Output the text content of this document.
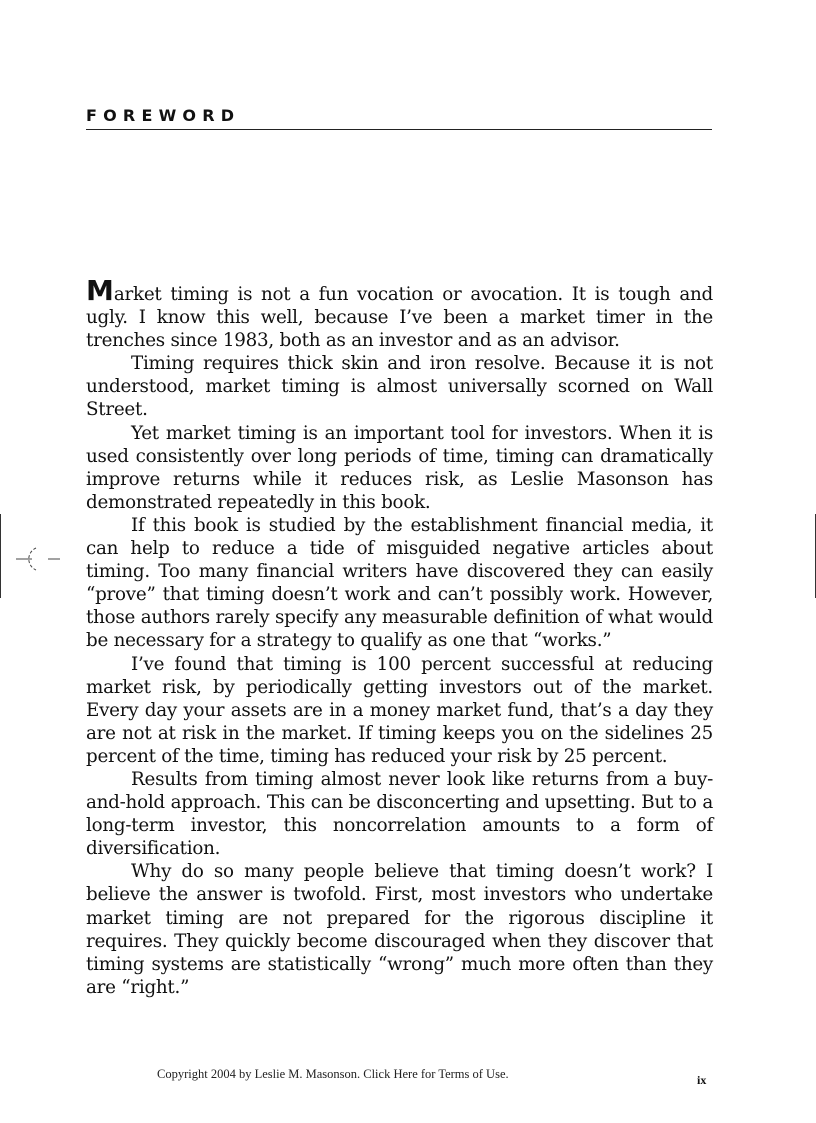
FOREWORD

Market timing is not a fun vocation or avocation. It is tough and ugly. I know this well, because I’ve been a market timer in the trenches since 1983, both as an investor and as an advisor.

Timing requires thick skin and iron resolve. Because it is not understood, market timing is almost universally scorned on Wall Street.

Yet market timing is an important tool for investors. When it is used consistently over long periods of time, timing can dramatically improve returns while it reduces risk, as Leslie Masonson has demonstrated repeatedly in this book.

If this book is studied by the establishment financial media, it can help to reduce a tide of misguided negative articles about timing. Too many financial writers have discovered they can easily “prove” that timing doesn’t work and can’t possibly work. However, those authors rarely specify any measurable definition of what would be necessary for a strategy to qualify as one that “works.”

I’ve found that timing is 100 percent successful at reducing market risk, by periodically getting investors out of the market. Every day your assets are in a money market fund, that’s a day they are not at risk in the market. If timing keeps you on the sidelines 25 percent of the time, timing has reduced your risk by 25 percent.

Results from timing almost never look like returns from a buy-and-hold approach. This can be disconcerting and upsetting. But to a long-term investor, this noncorrelation amounts to a form of diversification.

Why do so many people believe that timing doesn’t work? I believe the answer is twofold. First, most investors who undertake market timing are not prepared for the rigorous discipline it requires. They quickly become discouraged when they discover that timing systems are statistically “wrong” much more often than they are “right.”

Copyright 2004 by Leslie M. Masonson. Click Here for Terms of Use.	ix
